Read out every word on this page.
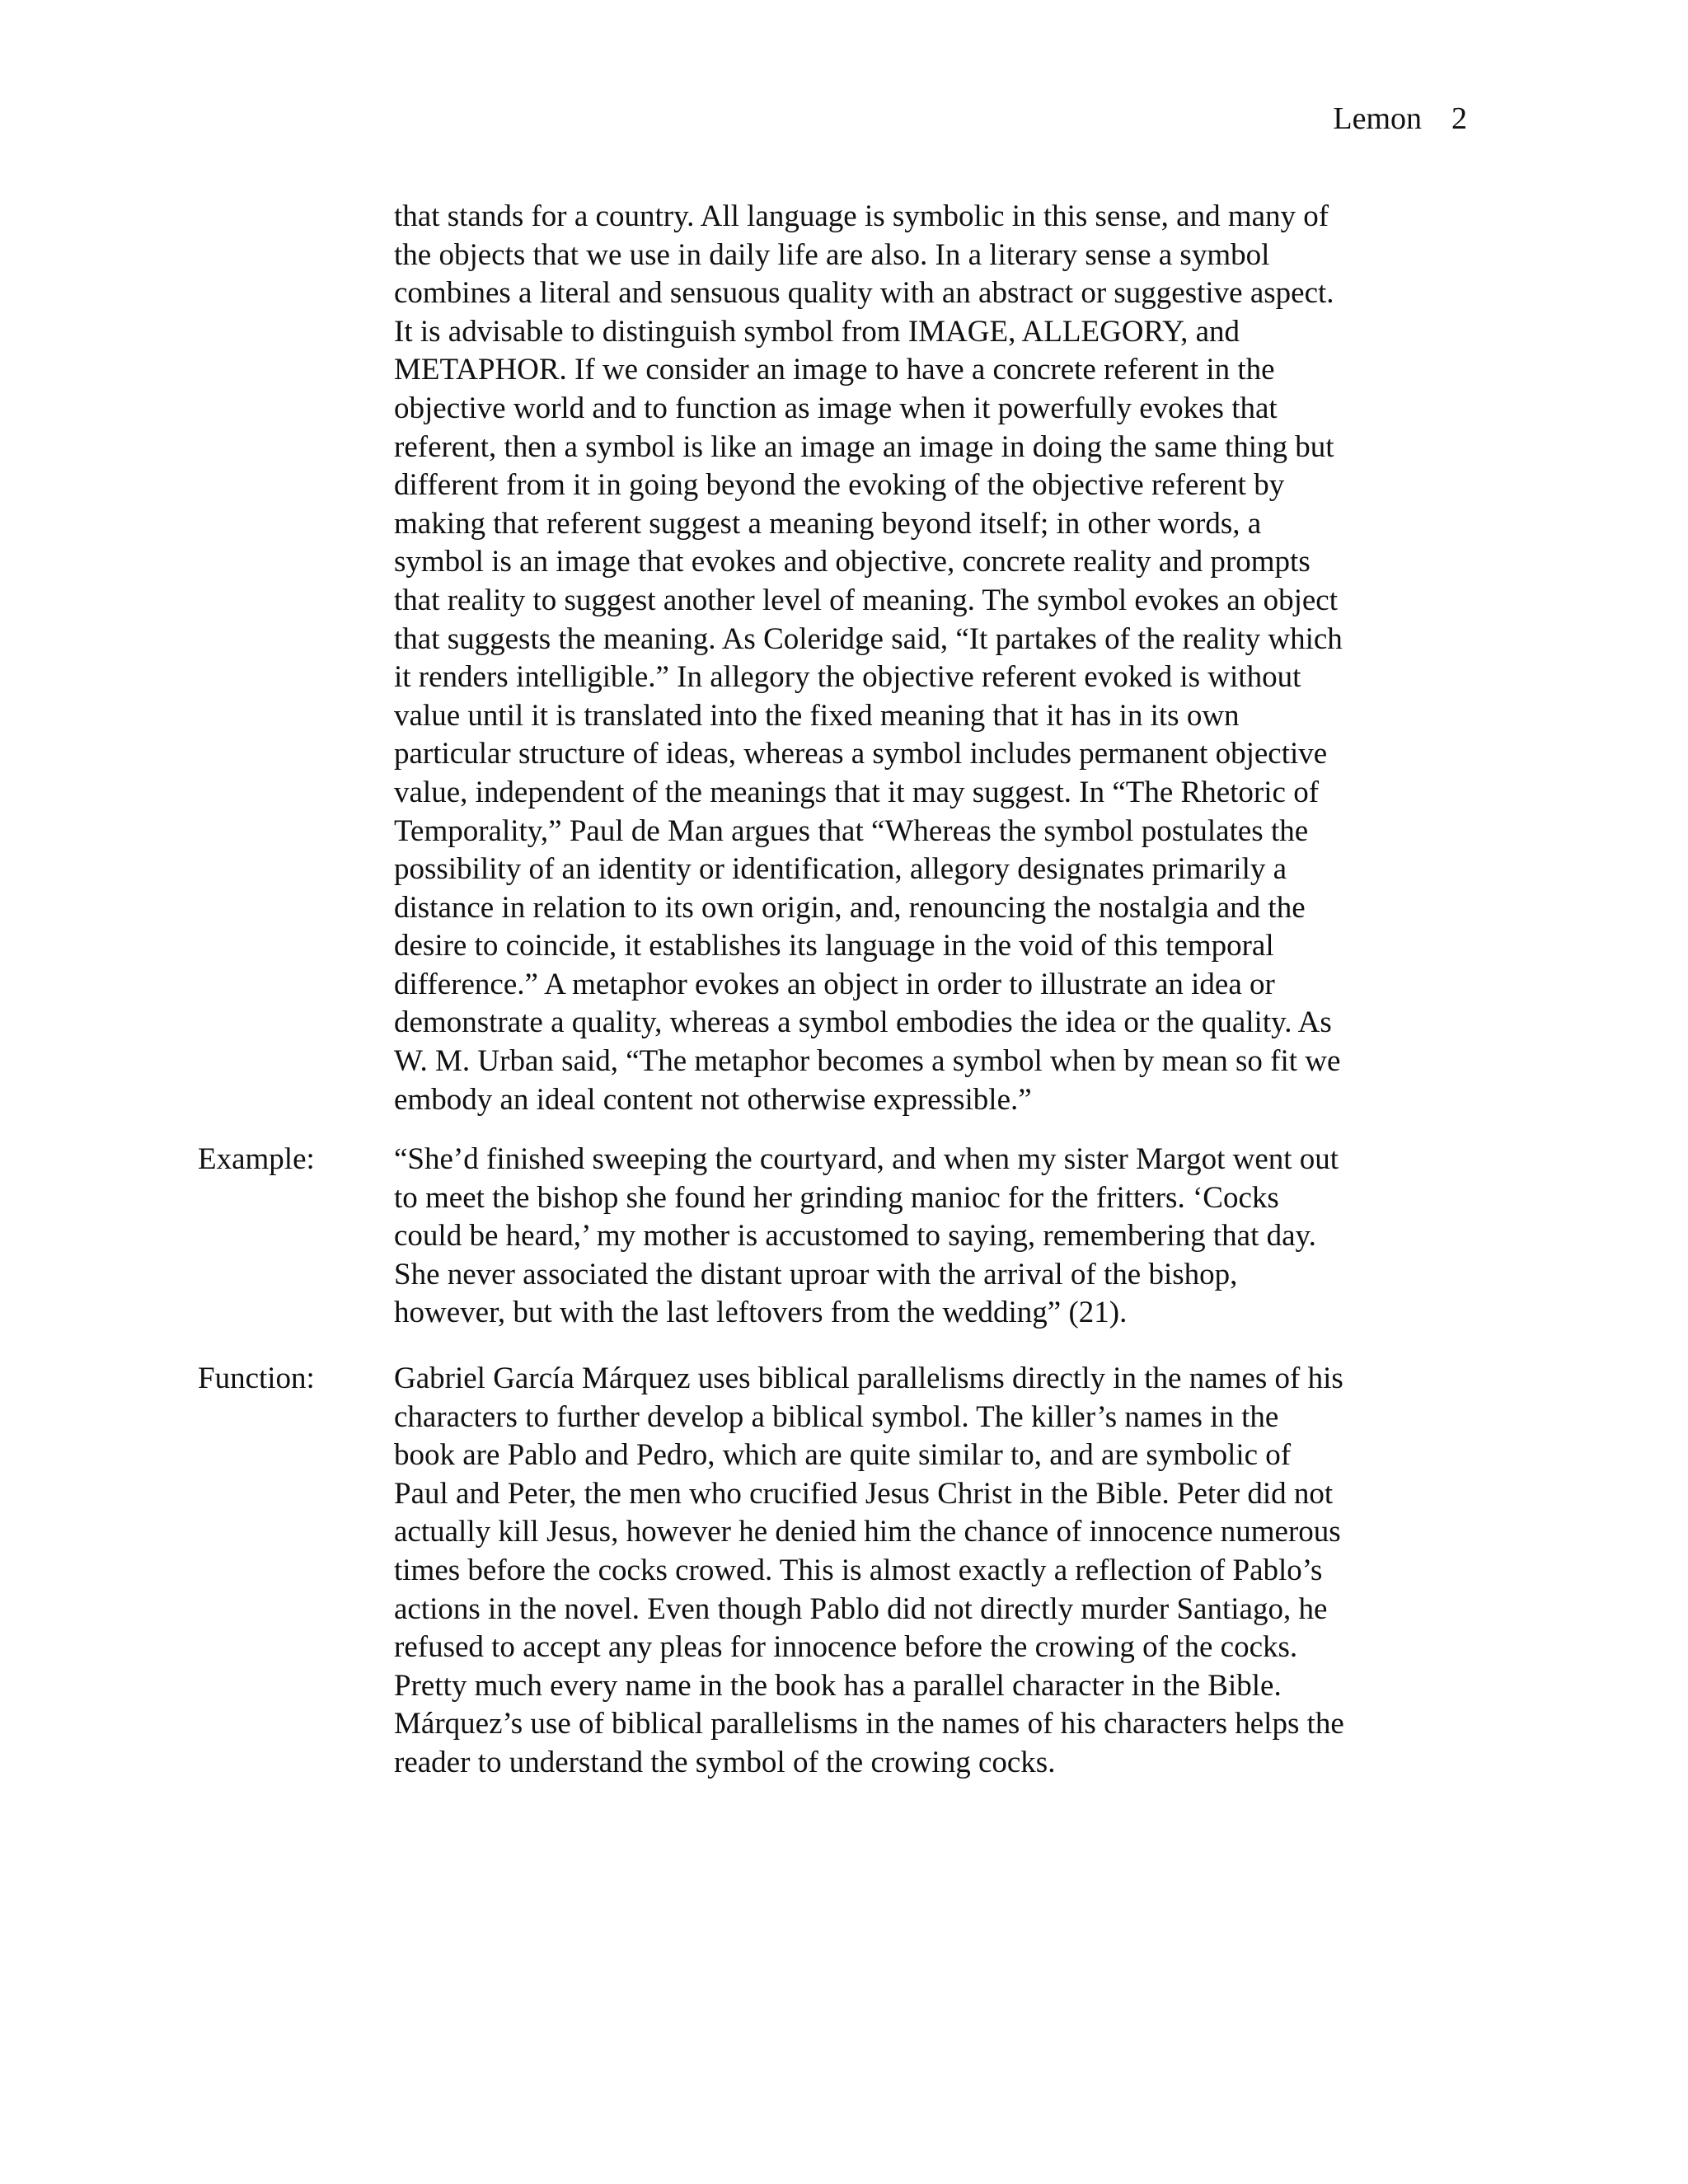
Lemon 2

that stands for a country. All language is symbolic in this sense, and many of
the objects that we use in daily life are also. In a literary sense a symbol
combines a literal and sensuous quality with an abstract or suggestive aspect.
It is advisable to distinguish symbol from IMAGE, ALLEGORY, and
METAPHOR. If we consider an image to have a concrete referent in the
objective world and to function as image when it powerfully evokes that
referent, then a symbol is like an image an image in doing the same thing but
different from it in going beyond the evoking of the objective referent by
making that referent suggest a meaning beyond itself; in other words, a
symbol is an image that evokes and objective, concrete reality and prompts
that reality to suggest another level of meaning. The symbol evokes an object
that suggests the meaning. As Coleridge said, “It partakes of the reality which
it renders intelligible.” In allegory the objective referent evoked is without
value until it is translated into the fixed meaning that it has in its own
particular structure of ideas, whereas a symbol includes permanent objective
value, independent of the meanings that it may suggest. In “The Rhetoric of
Temporality,” Paul de Man argues that “Whereas the symbol postulates the
possibility of an identity or identification, allegory designates primarily a
distance in relation to its own origin, and, renouncing the nostalgia and the
desire to coincide, it establishes its language in the void of this temporal
difference.” A metaphor evokes an object in order to illustrate an idea or
demonstrate a quality, whereas a symbol embodies the idea or the quality. As
W. M. Urban said, “The metaphor becomes a symbol when by mean so fit we
embody an ideal content not otherwise expressible.”

Example:	“She’d finished sweeping the courtyard, and when my sister Margot went out
to meet the bishop she found her grinding manioc for the fritters. ‘Cocks
could be heard,’ my mother is accustomed to saying, remembering that day.
She never associated the distant uproar with the arrival of the bishop,
however, but with the last leftovers from the wedding” (21).

Function:	Gabriel García Márquez uses biblical parallelisms directly in the names of his
characters to further develop a biblical symbol. The killer’s names in the
book are Pablo and Pedro, which are quite similar to, and are symbolic of
Paul and Peter, the men who crucified Jesus Christ in the Bible. Peter did not
actually kill Jesus, however he denied him the chance of innocence numerous
times before the cocks crowed. This is almost exactly a reflection of Pablo’s
actions in the novel. Even though Pablo did not directly murder Santiago, he
refused to accept any pleas for innocence before the crowing of the cocks.
Pretty much every name in the book has a parallel character in the Bible.
Márquez’s use of biblical parallelisms in the names of his characters helps the
reader to understand the symbol of the crowing cocks.
